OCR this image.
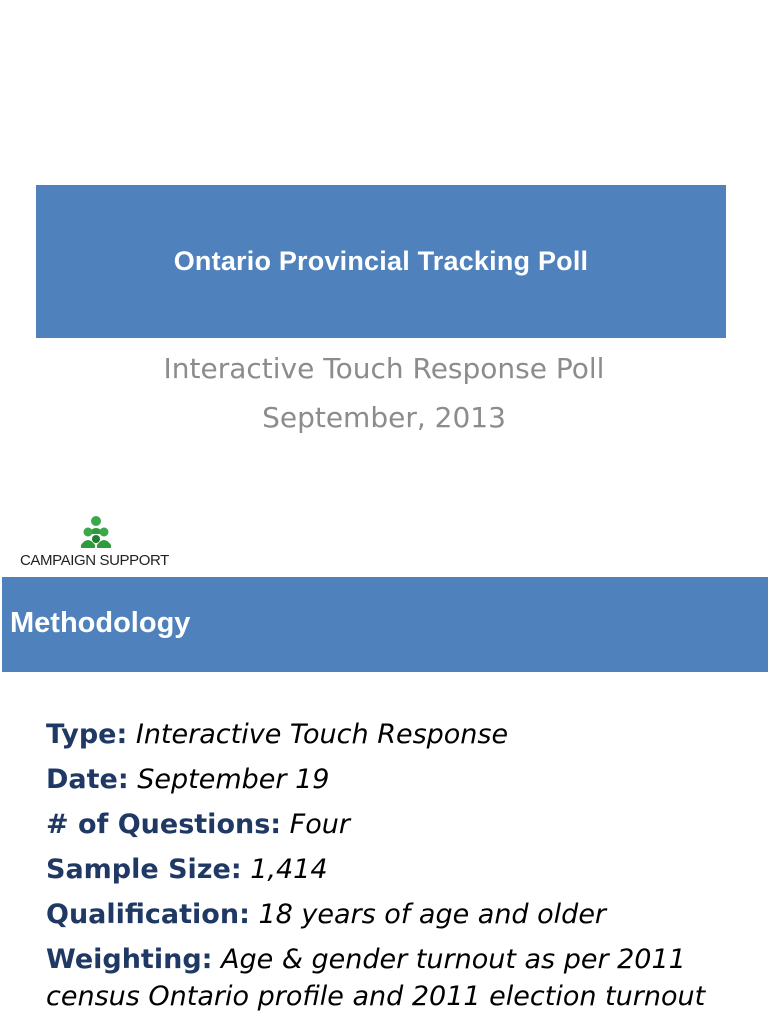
Ontario Provincial Tracking Poll
Interactive Touch Response Poll
September, 2013
CAMPAIGN SUPPORT
Methodology
Type: Interactive Touch Response
Date: September 19
# of Questions: Four
Sample Size: 1,414
Qualification: 18 years of age and older
Weighting: Age & gender turnout as per 2011 census Ontario profile and 2011 election turnout
